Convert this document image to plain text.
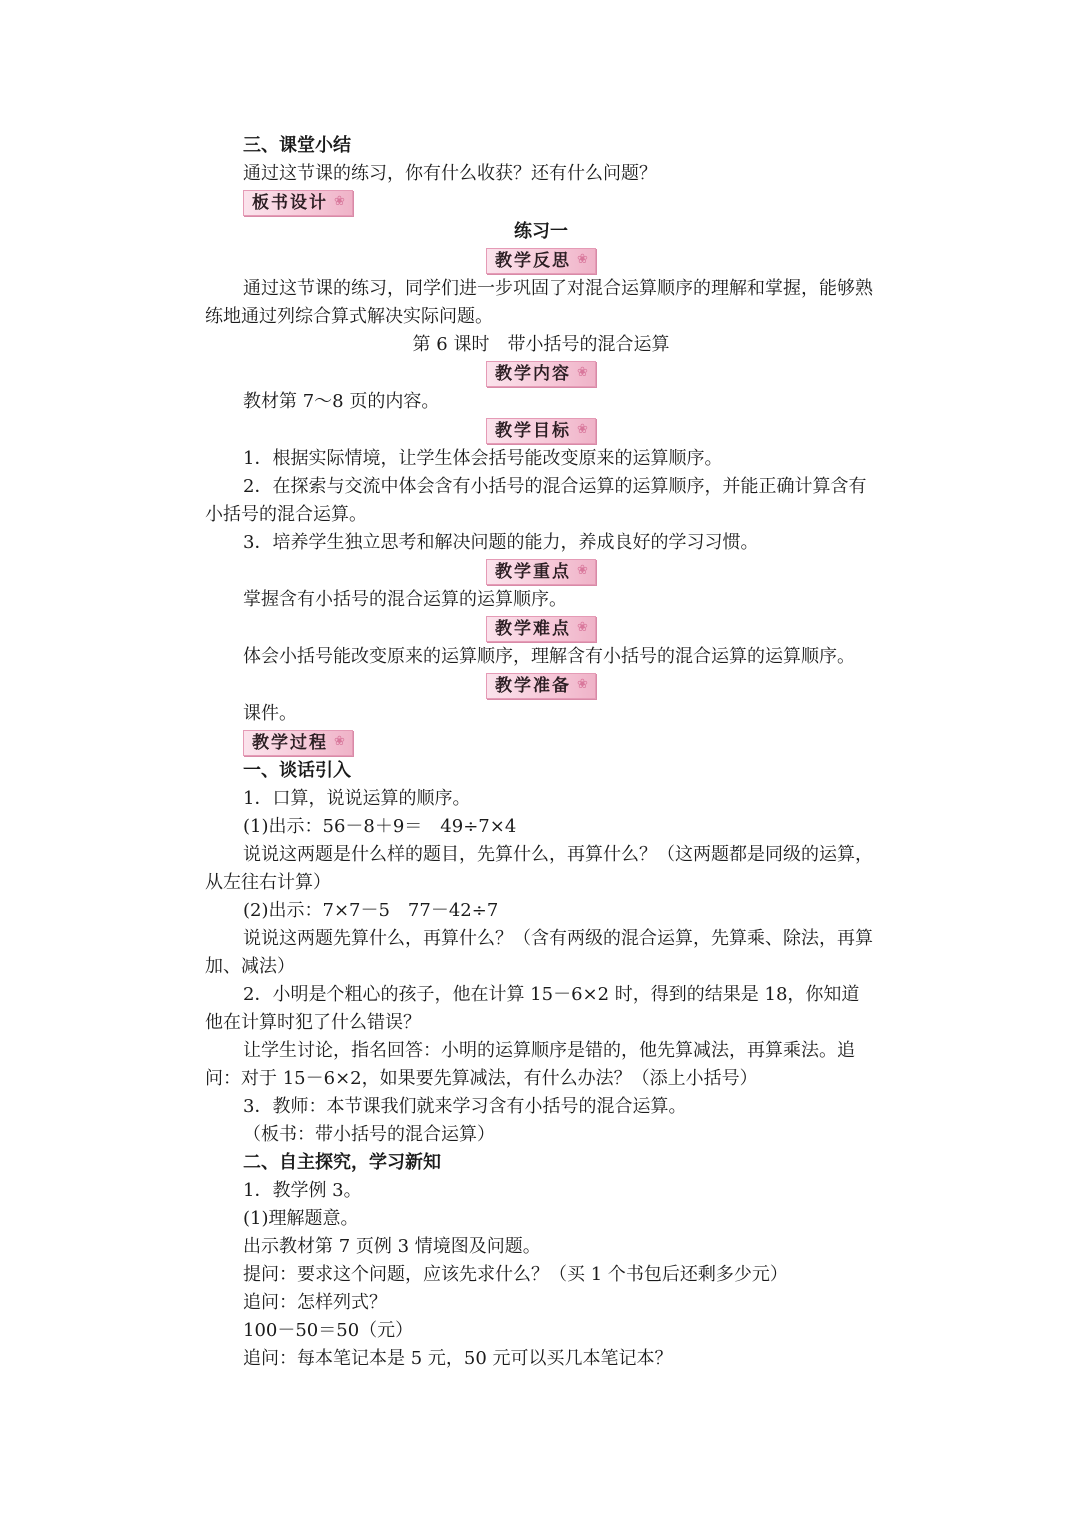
三、课堂小结

通过这节课的练习，你有什么收获？还有什么问题？

板书设计 ❀

练习一

教学反思 ❀

通过这节课的练习，同学们进一步巩固了对混合运算顺序的理解和掌握，能够熟练地通过列综合算式解决实际问题。

第 6 课时　带小括号的混合运算

教学内容 ❀

教材第 7～8 页的内容。

教学目标 ❀

1．根据实际情境，让学生体会括号能改变原来的运算顺序。

2．在探索与交流中体会含有小括号的混合运算的运算顺序，并能正确计算含有小括号的混合运算。

3．培养学生独立思考和解决问题的能力，养成良好的学习习惯。

教学重点 ❀

掌握含有小括号的混合运算的运算顺序。

教学难点 ❀

体会小括号能改变原来的运算顺序，理解含有小括号的混合运算的运算顺序。

教学准备 ❀

课件。

教学过程 ❀

一、谈话引入

1．口算，说说运算的顺序。

(1)出示：56－8＋9＝　49÷7×4

说说这两题是什么样的题目，先算什么，再算什么？（这两题都是同级的运算，从左往右计算）

(2)出示：7×7－5　77－42÷7

说说这两题先算什么，再算什么？（含有两级的混合运算，先算乘、除法，再算加、减法）

2．小明是个粗心的孩子，他在计算 15－6×2 时，得到的结果是 18，你知道他在计算时犯了什么错误？

让学生讨论，指名回答：小明的运算顺序是错的，他先算减法，再算乘法。追问：对于 15－6×2，如果要先算减法，有什么办法？（添上小括号）

3．教师：本节课我们就来学习含有小括号的混合运算。

（板书：带小括号的混合运算）

二、自主探究，学习新知

1．教学例 3。

(1)理解题意。

出示教材第 7 页例 3 情境图及问题。

提问：要求这个问题，应该先求什么？（买 1 个书包后还剩多少元）

追问：怎样列式？

100－50＝50（元）

追问：每本笔记本是 5 元，50 元可以买几本笔记本？
